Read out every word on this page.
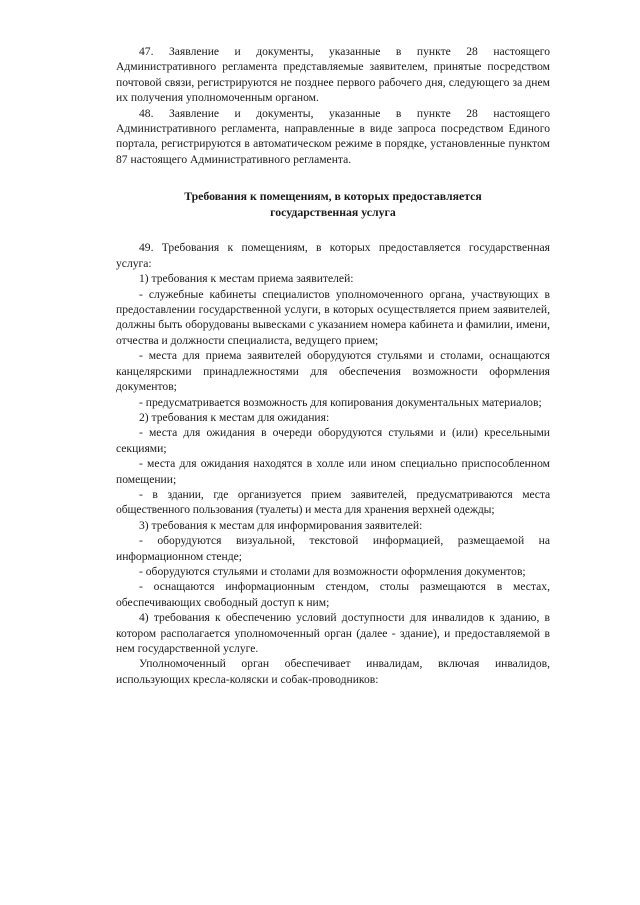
47. Заявление и документы, указанные в пункте 28 настоящего Административного регламента представляемые заявителем, принятые посредством почтовой связи, регистрируются не позднее первого рабочего дня, следующего за днем их получения уполномоченным органом.

48. Заявление и документы, указанные в пункте 28 настоящего Административного регламента, направленные в виде запроса посредством Единого портала, регистрируются в автоматическом режиме в порядке, установленные пунктом 87 настоящего Административного регламента.

Требования к помещениям, в которых предоставляется
государственная услуга

49. Требования к помещениям, в которых предоставляется государственная услуга:

1) требования к местам приема заявителей:

- служебные кабинеты специалистов уполномоченного органа, участвующих в предоставлении государственной услуги, в которых осуществляется прием заявителей, должны быть оборудованы вывесками с указанием номера кабинета и фамилии, имени, отчества и должности специалиста, ведущего прием;

- места для приема заявителей оборудуются стульями и столами, оснащаются канцелярскими принадлежностями для обеспечения возможности оформления документов;

- предусматривается возможность для копирования документальных материалов;

2) требования к местам для ожидания:

- места для ожидания в очереди оборудуются стульями и (или) кресельными секциями;

- места для ожидания находятся в холле или ином специально приспособленном помещении;

- в здании, где организуется прием заявителей, предусматриваются места общественного пользования (туалеты) и места для хранения верхней одежды;

3) требования к местам для информирования заявителей:

- оборудуются визуальной, текстовой информацией, размещаемой на информационном стенде;

- оборудуются стульями и столами для возможности оформления документов;

- оснащаются информационным стендом, столы размещаются в местах, обеспечивающих свободный доступ к ним;

4) требования к обеспечению условий доступности для инвалидов к зданию, в котором располагается уполномоченный орган (далее - здание), и предоставляемой в нем государственной услуге.

Уполномоченный орган обеспечивает инвалидам, включая инвалидов, использующих кресла-коляски и собак-проводников:
